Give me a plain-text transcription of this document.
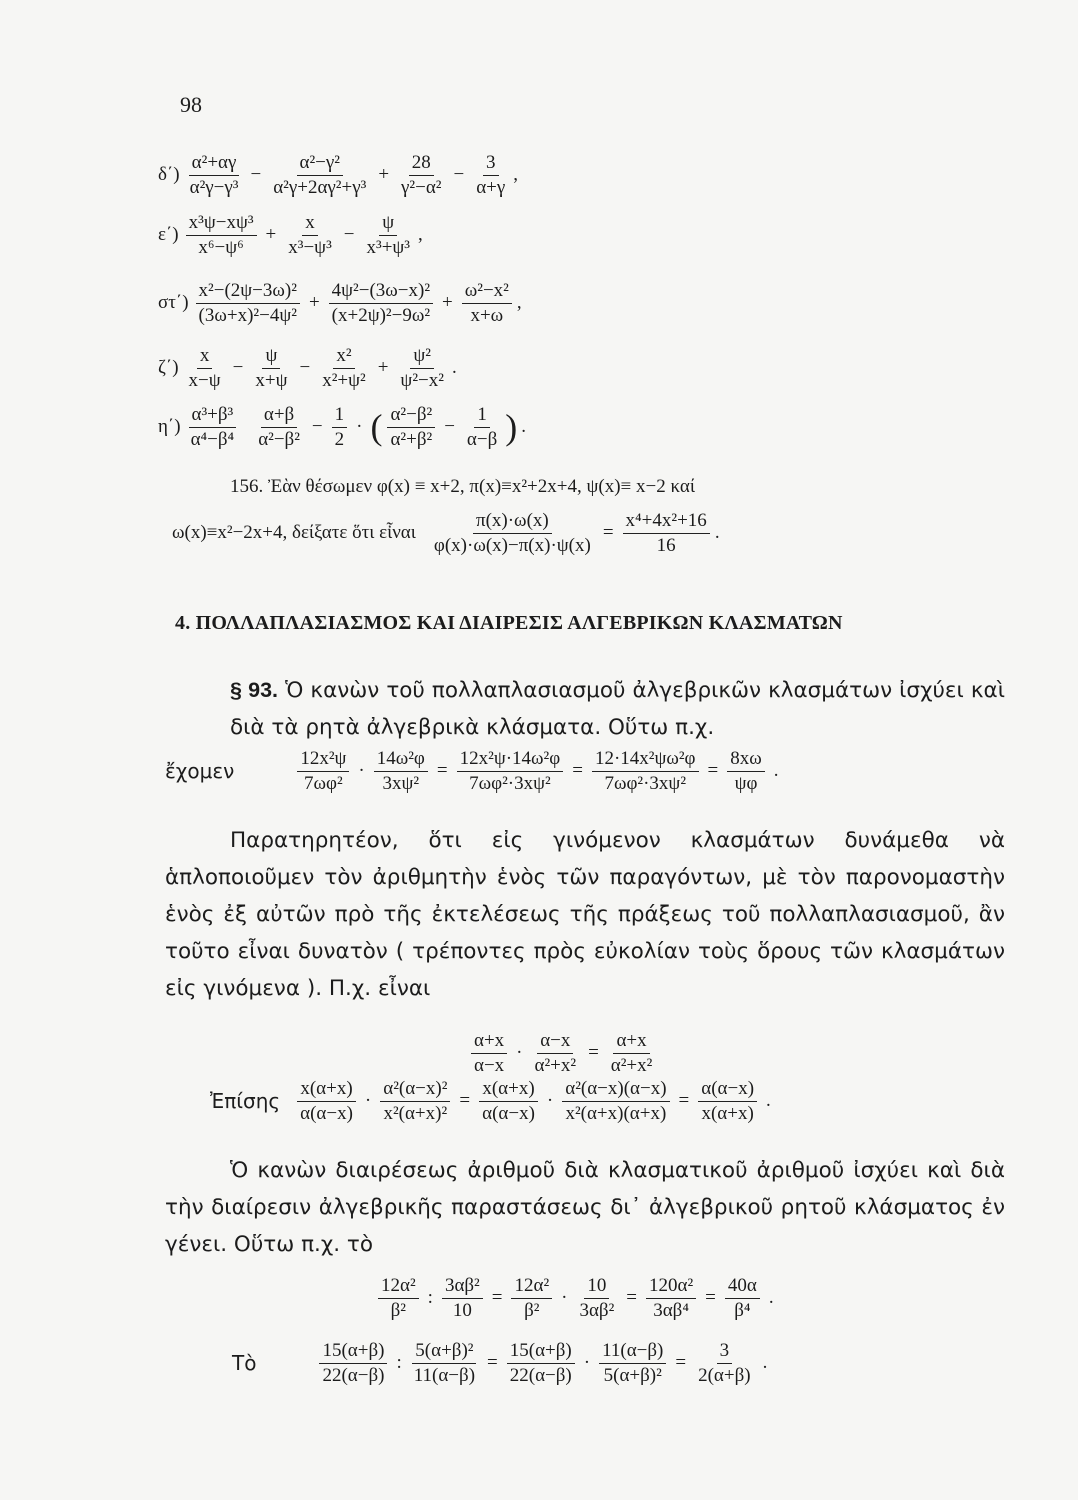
98
$\delta΄) \frac{\text{α²+αγ}}{\text{α²γ−γ³}} - \frac{\text{α²−γ²}}{\text{α²γ+2αγ²+γ³}} + \frac{28}{\text{γ²−α²}} - \frac{3}{\alpha+\gamma}$ ,
$\varepsilon΄) \frac{\text{x³ψ−xψ³}}{\text{x⁶−ψ⁶}} + \frac{x}{\text{x³−ψ³}} - \frac{\psi}{\text{x³+ψ³}}$ ,
$\sigma\tau΄) \frac{\text{x²−(2ψ−3ω)²}}{\text{(3ω+x)²−4ψ²}} + \frac{\text{4ψ²−(3ω−x)²}}{\text{(x+2ψ)²−9ω²}} + \frac{\text{ω²−x²}}{x+\omega}$ ,
$\zeta΄) \frac{x}{x-\psi} - \frac{\psi}{x+\psi} - \frac{\text{x²}}{\text{x²+ψ²}} + \frac{\text{ψ²}}{\text{ψ²−x²}}$ .
$\eta΄) \frac{\text{α³+β³}}{\text{α⁴−β⁴}} \frac{\alpha+\beta}{\text{α²−β²}} - \frac{1}{2}$ · ( $\frac{\text{α²−β²}}{\text{α²+β²}} - \frac{1}{\alpha-\beta}$ ) .
156. Ἐὰν θέσωμεν φ(x) ≡ x+2, π(x)≡x²+2x+4, ψ(x)≡ x−2 καί
ω(x)≡x²−2x+4, δείξατε ὅτι εἶναι $\frac{\pi(x)\cdot\omega(x)}{\varphi(x)\cdot\omega(x)-\pi(x)\cdot\psi(x)} = \frac{\text{x⁴+4x²+16}}{16}$ .
4. ΠΟΛΛΑΠΛΑΣΙΑΣΜΟΣ ΚΑΙ ΔΙΑΙΡΕΣΙΣ ΑΛΓΕΒΡΙΚΩΝ ΚΛΑΣΜΑΤΩΝ
§ 93. Ὁ κανὼν τοῦ πολλαπλασιασμοῦ ἀλγεβρικῶν κλασμάτων ἰσχύει καὶ διὰ τὰ ρητὰ ἀλγεβρικὰ κλάσματα. Οὕτω π.χ.
ἔχομεν	$\frac{\text{12x²ψ}}{\text{7ωφ²}} \cdot \frac{\text{14ω²φ}}{\text{3xψ²}} = \frac{\text{12x²ψ·14ω²φ}}{\text{7ωφ²·3xψ²}} = \frac{\text{12·14x²ψω²φ}}{\text{7ωφ²·3xψ²}} = \frac{8x\omega}{\psi\varphi}$ .
Παρατηρητέον, ὅτι εἰς γινόμενον κλασμάτων δυνάμεθα νὰ ἁπλοποιοῦμεν τὸν ἀριθμητὴν ἑνὸς τῶν παραγόντων, μὲ τὸν παρονομαστὴν ἑνὸς ἐξ αὐτῶν πρὸ τῆς ἐκτελέσεως τῆς πράξεως τοῦ πολλαπλασιασμοῦ, ἂν τοῦτο εἶναι δυνατὸν ( τρέποντες πρὸς εὐκολίαν τοὺς ὅρους τῶν κλασμάτων εἰς γινόμενα ). Π.χ. εἶναι
$\frac{\alpha+x}{\alpha-x} \cdot \frac{\alpha-x}{\text{α²+x²}} = \frac{\alpha+x}{\text{α²+x²}}$
Ἐπίσης $\frac{x(\alpha+x)}{\alpha(\alpha-x)} \cdot \frac{\text{α²(α−x)²}}{\text{x²(α+x)²}} = \frac{x(\alpha+x)}{\alpha(\alpha-x)} \cdot \frac{\text{α²(α−x)(α−x)}}{\text{x²(α+x)(α+x)}} = \frac{\alpha(\alpha-x)}{x(\alpha+x)}$ .
Ὁ κανὼν διαιρέσεως ἀριθμοῦ διὰ κλασματικοῦ ἀριθμοῦ ἰσχύει καὶ διὰ τὴν διαίρεσιν ἀλγεβρικῆς παραστάσεως δι᾽ ἀλγεβρικοῦ ρητοῦ κλάσματος ἐν γένει. Οὕτω π.χ. τὸ
$\frac{\text{12α²}}{\text{β²}}$ : $\frac{\text{3αβ²}}{10} = \frac{\text{12α²}}{\text{β²}} \cdot \frac{10}{\text{3αβ²}} = \frac{\text{120α²}}{\text{3αβ⁴}} = \frac{40\alpha}{\text{β⁴}}$ .
Τὸ	$\frac{15(\alpha+\beta)}{22(\alpha-\beta)}$ : $\frac{\text{5(α+β)²}}{11(\alpha-\beta)} = \frac{15(\alpha+\beta)}{22(\alpha-\beta)} \cdot \frac{11(\alpha-\beta)}{\text{5(α+β)²}} = \frac{3}{2(\alpha+\beta)}$ .
